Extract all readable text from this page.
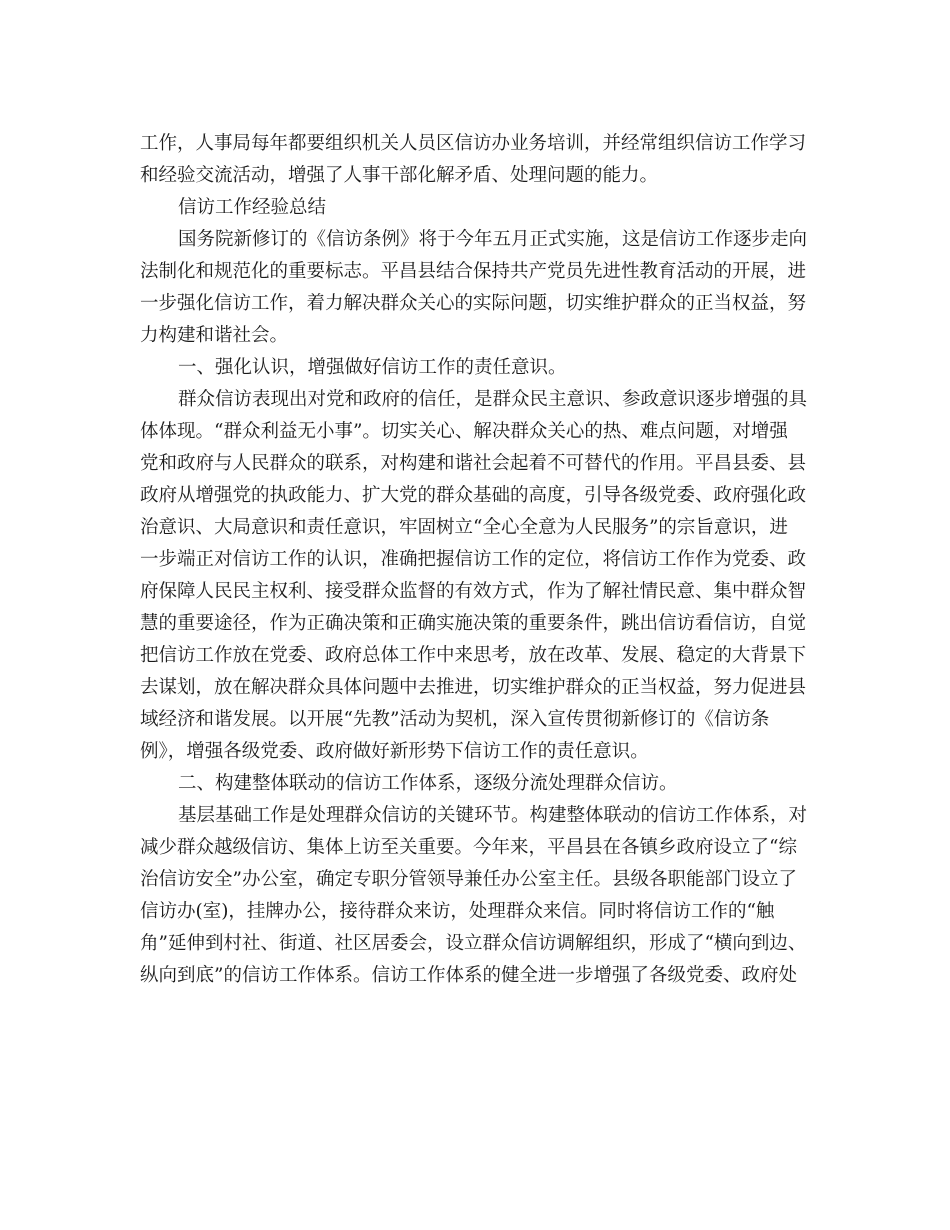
工作，人事局每年都要组织机关人员区信访办业务培训，并经常组织信访工作学习
和经验交流活动，增强了人事干部化解矛盾、处理问题的能力。
信访工作经验总结
国务院新修订的《信访条例》将于今年五月正式实施，这是信访工作逐步走向
法制化和规范化的重要标志。平昌县结合保持共产党员先进性教育活动的开展，进
一步强化信访工作，着力解决群众关心的实际问题，切实维护群众的正当权益，努
力构建和谐社会。
一、强化认识，增强做好信访工作的责任意识。
群众信访表现出对党和政府的信任，是群众民主意识、参政意识逐步增强的具
体体现。“群众利益无小事”。切实关心、解决群众关心的热、难点问题，对增强
党和政府与人民群众的联系，对构建和谐社会起着不可替代的作用。平昌县委、县
政府从增强党的执政能力、扩大党的群众基础的高度，引导各级党委、政府强化政
治意识、大局意识和责任意识，牢固树立“全心全意为人民服务”的宗旨意识，进
一步端正对信访工作的认识，准确把握信访工作的定位，将信访工作作为党委、政
府保障人民民主权利、接受群众监督的有效方式，作为了解社情民意、集中群众智
慧的重要途径，作为正确决策和正确实施决策的重要条件，跳出信访看信访，自觉
把信访工作放在党委、政府总体工作中来思考，放在改革、发展、稳定的大背景下
去谋划，放在解决群众具体问题中去推进，切实维护群众的正当权益，努力促进县
域经济和谐发展。以开展“先教”活动为契机，深入宣传贯彻新修订的《信访条
例》，增强各级党委、政府做好新形势下信访工作的责任意识。
二、构建整体联动的信访工作体系，逐级分流处理群众信访。
基层基础工作是处理群众信访的关键环节。构建整体联动的信访工作体系，对
减少群众越级信访、集体上访至关重要。今年来，平昌县在各镇乡政府设立了“综
治信访安全”办公室，确定专职分管领导兼任办公室主任。县级各职能部门设立了
信访办(室)，挂牌办公，接待群众来访，处理群众来信。同时将信访工作的“触
角”延伸到村社、街道、社区居委会，设立群众信访调解组织，形成了“横向到边、
纵向到底”的信访工作体系。信访工作体系的健全进一步增强了各级党委、政府处
